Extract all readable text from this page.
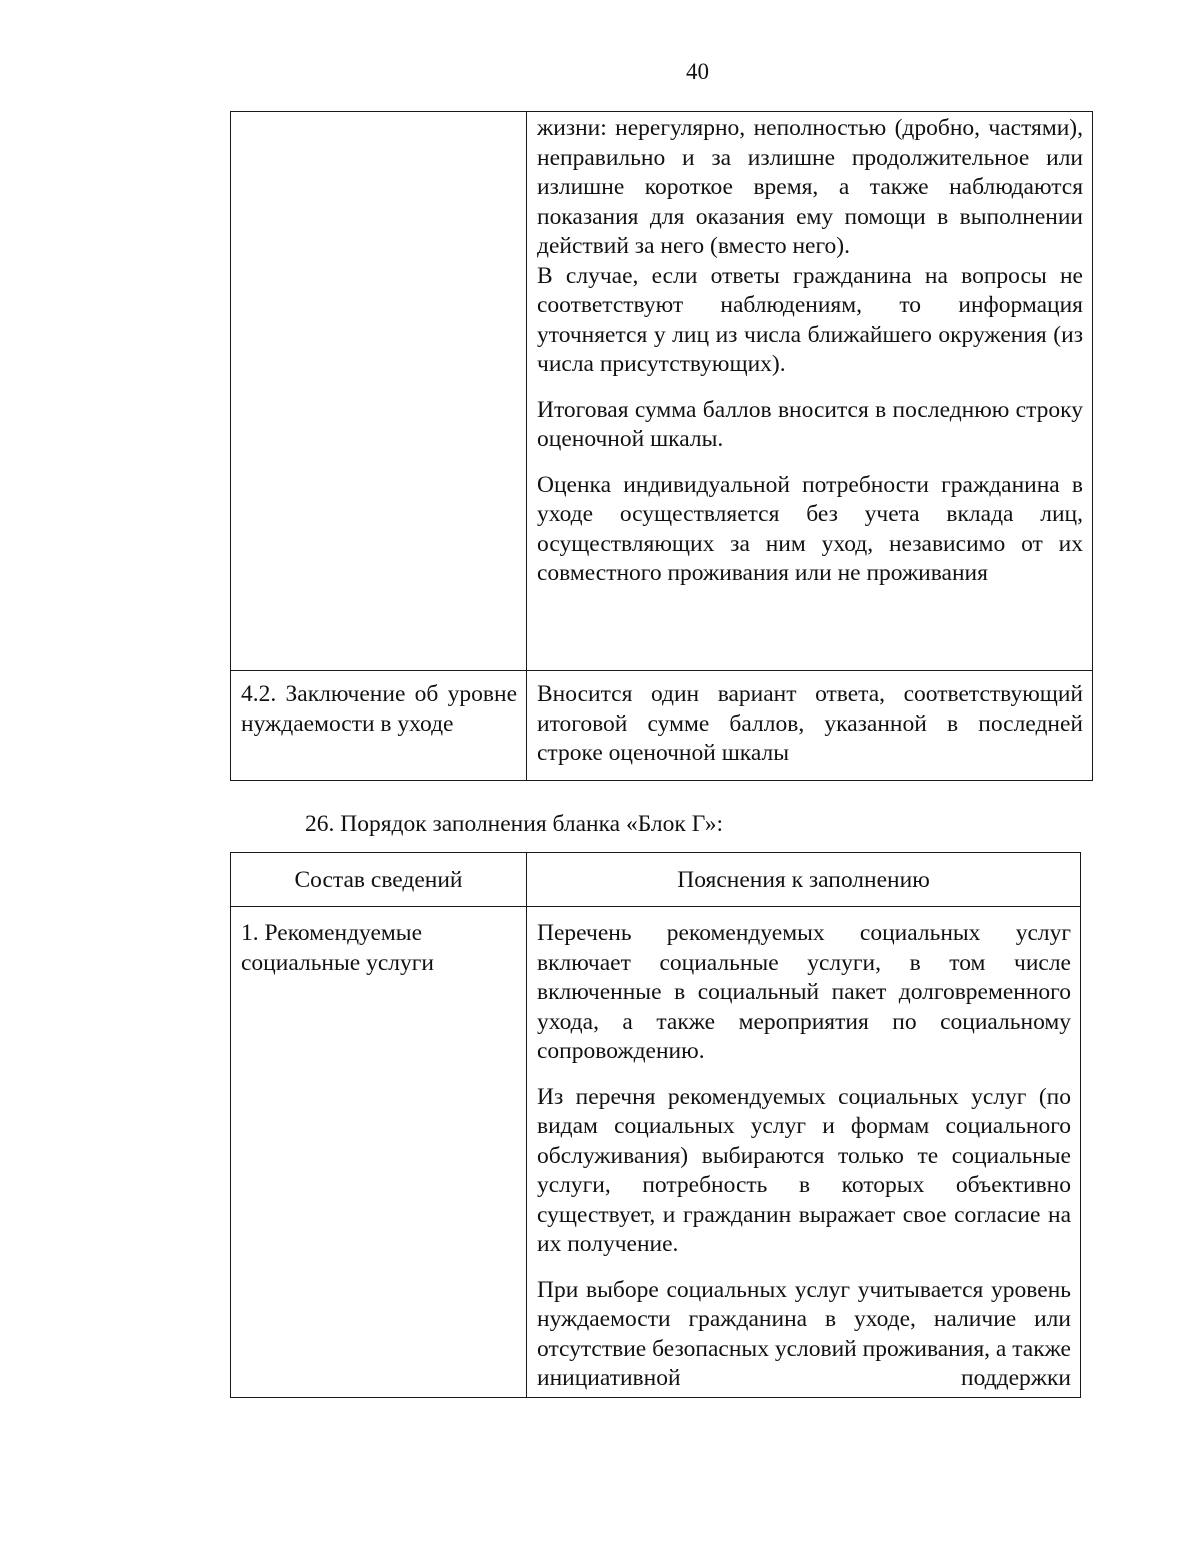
40

	жизни: нерегулярно, неполностью (дробно, частями), неправильно и за излишне продолжительное или излишне короткое время, а также наблюдаются показания для оказания ему помощи в выполнении действий за него (вместо него).

В случае, если ответы гражданина на вопросы не соответствуют наблюдениям, то информация уточняется у лиц из числа ближайшего окружения (из числа присутствующих).

Итоговая сумма баллов вносится в последнюю строку оценочной шкалы.

Оценка индивидуальной потребности гражданина в уходе осуществляется без учета вклада лиц, осуществляющих за ним уход, независимо от их совместного проживания или не проживания

4.2. Заключение об уровне нуждаемости в уходе	Вносится один вариант ответа, соответствующий итоговой сумме баллов, указанной в последней строке оценочной шкалы
26. Порядок заполнения бланка «Блок Г»:
Состав сведений	Пояснения к заполнению
1. Рекомендуемые социальные услуги	Перечень рекомендуемых социальных услуг включает социальные услуги, в том числе включенные в социальный пакет долговременного ухода, а также мероприятия по социальному сопровождению.

Из перечня рекомендуемых социальных услуг (по видам социальных услуг и формам социального обслуживания) выбираются только те социальные услуги, потребность в которых объективно существует, и гражданин выражает свое согласие на их получение.

При выборе социальных услуг учитывается уровень нуждаемости гражданина в уходе, наличие или отсутствие безопасных условий проживания, а также инициативной поддержки
